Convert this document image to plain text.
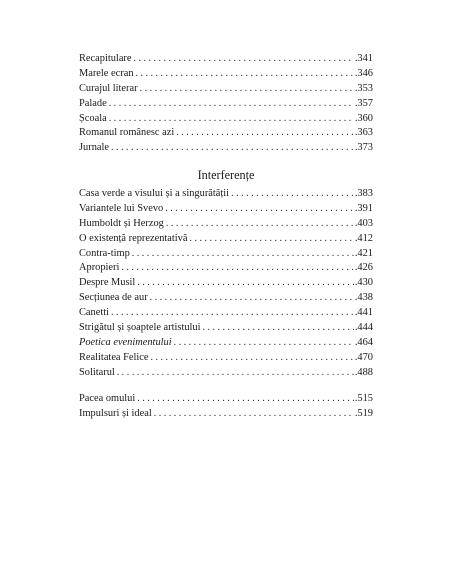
Recapitulare . . .	.341
Marele ecran . . .	.346
Curajul literar . . .	.353
Palade . . .	.357
Școala . . .	.360
Romanul românesc azi . . .	.363
Jurnale . . .	.373
Interferențe
Casa verde a visului și a singurătății . . .	.383
Variantele lui Svevo . . .	.391
Humboldt și Herzog . . .	.403
O existență reprezentativă . . .	.412
Contra-timp . . .	.421
Apropieri . . .	.426
Despre Musil . . .	.430
Secțiunea de aur . . .	.438
Canetti . . .	.441
Strigătul și șoaptele artistului . . .	.444
Poetica evenimentului . . .	.464
Realitatea Felice . . .	.470
Solitarul . . .	.488
Pacea omului . . .	.515
Impulsuri și ideal . . .	.519
